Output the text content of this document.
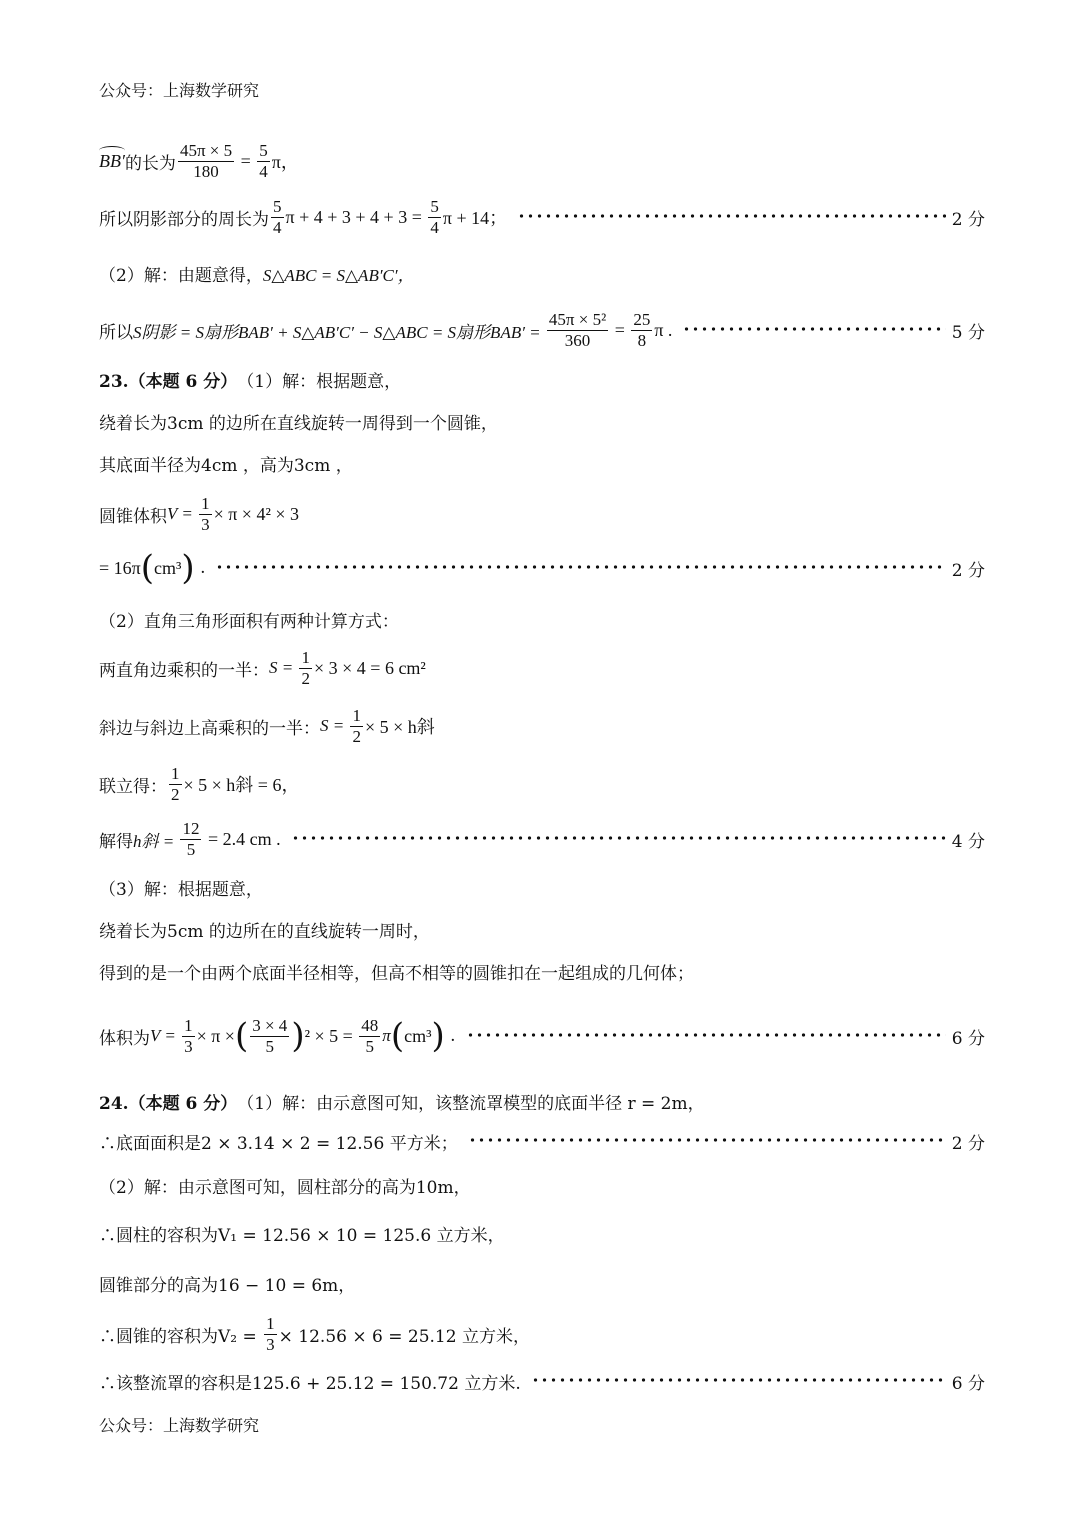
公众号：上海数学研究
BB′ 的长为 $\frac{45\pi \times 5}{180} = \frac{5}{4}$ π，
所以阴影部分的周长为 $\frac{5}{4}$ $\pi + 4 + 3 + 4 + 3 = \frac{5}{4}$ π + 14；	2 分
（2）解：由题意得， S△ABC = S△AB′C′，
所以 S阴影 = S扇形BAB′ + S△AB′C′ − S△ABC = S扇形$BAB' = \frac{\text{45π × 5²}}{360} = \frac{25}{8}$ π .	5 分
23.（本题 6 分） （1）解：根据题意，
绕着长为3cm 的边所在直线旋转一周得到一个圆锥，
其底面半径为4cm ，高为3cm ，
圆锥体积 $V = \frac{1}{3} \times \pi \times 4^2 \times 3$
= 16π ( cm³ ) .	2 分
（2）直角三角形面积有两种计算方式：
两直角边乘积的一半： $S = \frac{1}{2} \times 3 \times 4 = 6$ cm²
斜边与斜边上高乘积的一半： $S = \frac{1}{2} \times 5 \times h$斜
联立得： $\frac{1}{2} \times 5 \times h$斜 = 6，
解得 h斜 = $\frac{12}{5} = 2.4$ cm .	4 分
（3）解：根据题意，
绕着长为5cm 的边所在的直线旋转一周时，
得到的是一个由两个底面半径相等，但高不相等的圆锥扣在一起组成的几何体；
体积为 $V = \frac{1}{3} \times \pi$ × ( $\frac{3 \times 4}{5}$ ) $^2 \times 5 = \frac{48}{5}$ π ( cm³ ) .	6 分
24.（本题 6 分） （1）解：由示意图可知，该整流罩模型的底面半径 r = 2m，
∴底面面积是2 × 3.14 × 2 = 12.56 平方米；	2 分
（2）解：由示意图可知，圆柱部分的高为10m，
∴圆柱的容积为V₁ = 12.56 × 10 = 125.6 立方米，
圆锥部分的高为16 − 10 = 6m，
∴圆锥的容积为$V_2 = \frac{1}{3} \times 12.56 \times 6 = 25.12$ 立方米，
∴该整流罩的容积是125.6 + 25.12 = 150.72 立方米.	6 分
公众号：上海数学研究
